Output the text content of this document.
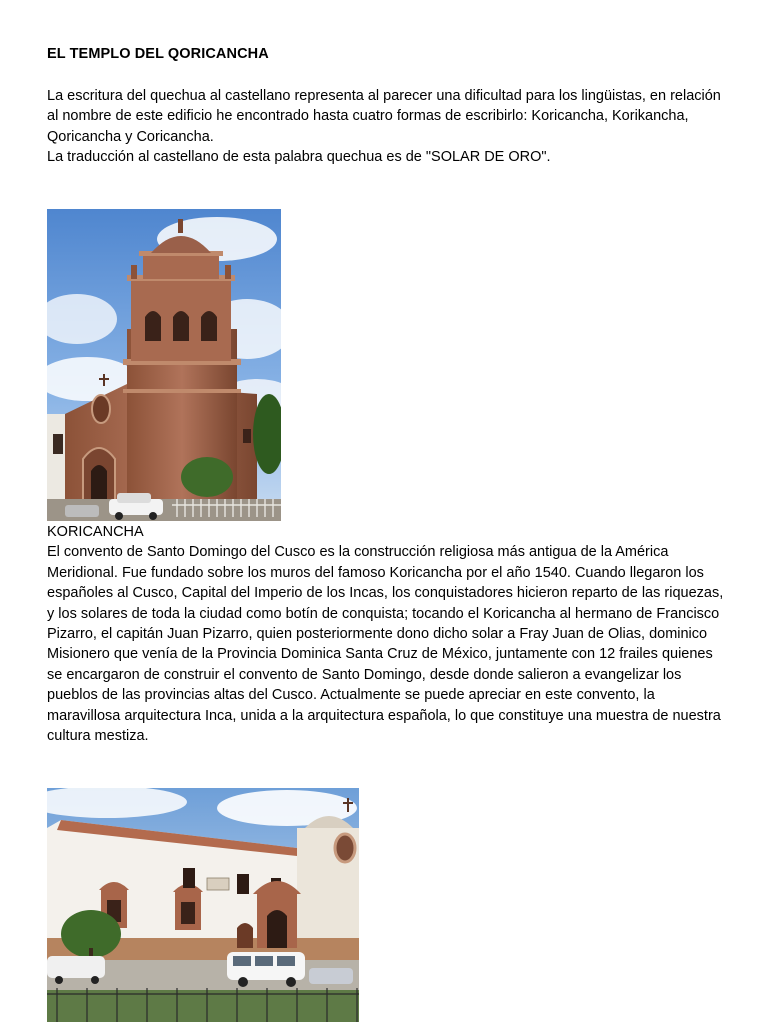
EL TEMPLO DEL QORICANCHA

La escritura del quechua al castellano representa al parecer una dificultad para los lingüistas, en relación al nombre de este edificio he encontrado hasta cuatro formas de escribirlo: Koricancha, Korikancha, Qoricancha y Coricancha.

La traducción al castellano de esta palabra quechua es de "SOLAR DE ORO".

KORICANCHA

El convento de Santo Domingo del Cusco es la construcción religiosa más antigua de la América Meridional. Fue fundado sobre los muros del famoso Koricancha por el año 1540. Cuando llegaron los españoles al Cusco, Capital del Imperio de los Incas, los conquistadores hicieron reparto de las riquezas, y los solares de toda la ciudad como botín de conquista; tocando el Koricancha al hermano de Francisco Pizarro, el capitán Juan Pizarro, quien posteriormente dono dicho solar a Fray Juan de Olias, dominico Misionero que venía de la Provincia Dominica Santa Cruz de México, juntamente con 12 frailes quienes se encargaron de construir el convento de Santo Domingo, desde donde salieron a evangelizar los pueblos de las provincias altas del Cusco. Actualmente se puede apreciar en este convento, la maravillosa arquitectura Inca, unida a la arquitectura española, lo que constituye una muestra de nuestra cultura mestiza.
